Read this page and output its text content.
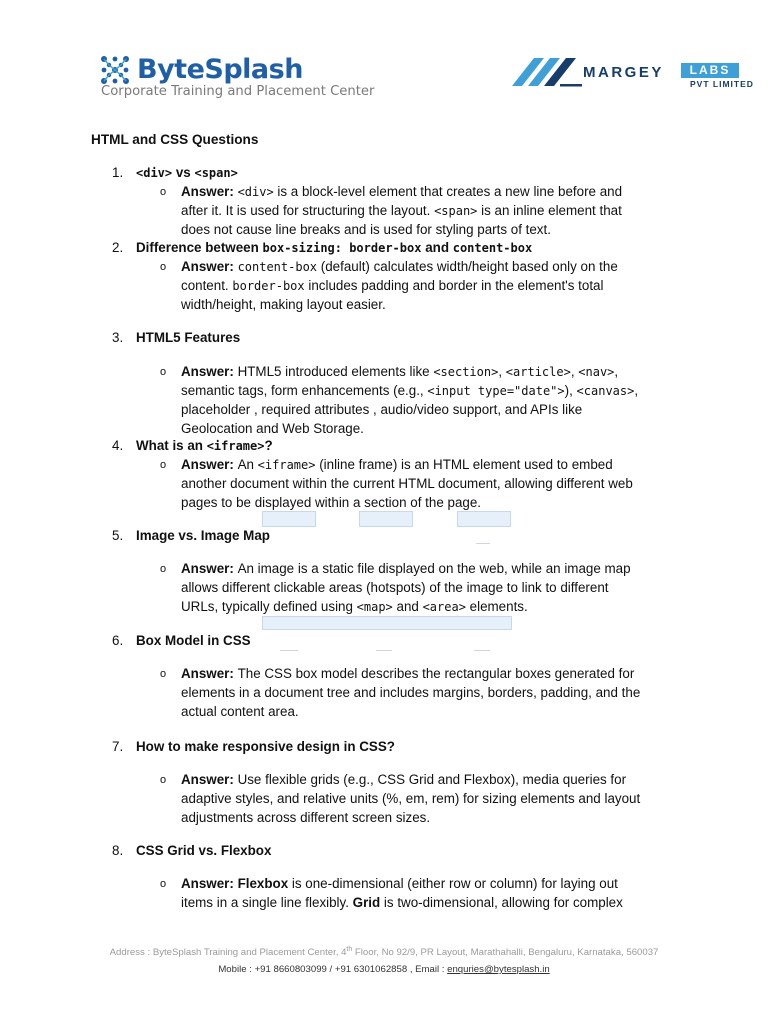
ByteSplash
Corporate Training and Placement Center
MARGEY	LABS
PVT LIMITED
HTML and CSS Questions
1. <div> vs <span>
o Answer: <div> is a block-level element that creates a new line before and
after it. It is used for structuring the layout. <span> is an inline element that
does not cause line breaks and is used for styling parts of text.
2. Difference between box-sizing: border-box and content-box
o Answer: content-box (default) calculates width/height based only on the
content. border-box includes padding and border in the element's total
width/height, making layout easier.
3. HTML5 Features
o Answer: HTML5 introduced elements like <section>, <article>, <nav>,
semantic tags, form enhancements (e.g., <input type="date">), <canvas>,
placeholder , required attributes , audio/video support, and APIs like
Geolocation and Web Storage.
4. What is an <iframe>?
o Answer: An <iframe> (inline frame) is an HTML element used to embed
another document within the current HTML document, allowing different web
pages to be displayed within a section of the page.
5. Image vs. Image Map
o Answer: An image is a static file displayed on the web, while an image map
allows different clickable areas (hotspots) of the image to link to different
URLs, typically defined using <map> and <area> elements.
6. Box Model in CSS
o Answer: The CSS box model describes the rectangular boxes generated for
elements in a document tree and includes margins, borders, padding, and the
actual content area.
7. How to make responsive design in CSS?
o Answer: Use flexible grids (e.g., CSS Grid and Flexbox), media queries for
adaptive styles, and relative units (%, em, rem) for sizing elements and layout
adjustments across different screen sizes.
8. CSS Grid vs. Flexbox
o Answer: Flexbox is one-dimensional (either row or column) for laying out
items in a single line flexibly. Grid is two-dimensional, allowing for complex
Address : ByteSplash Training and Placement Center, 4th Floor, No 92/9, PR Layout, Marathahalli, Bengaluru, Karnataka, 560037
Mobile : +91 8660803099 / +91 6301062858 , Email : enquries@bytesplash.in
